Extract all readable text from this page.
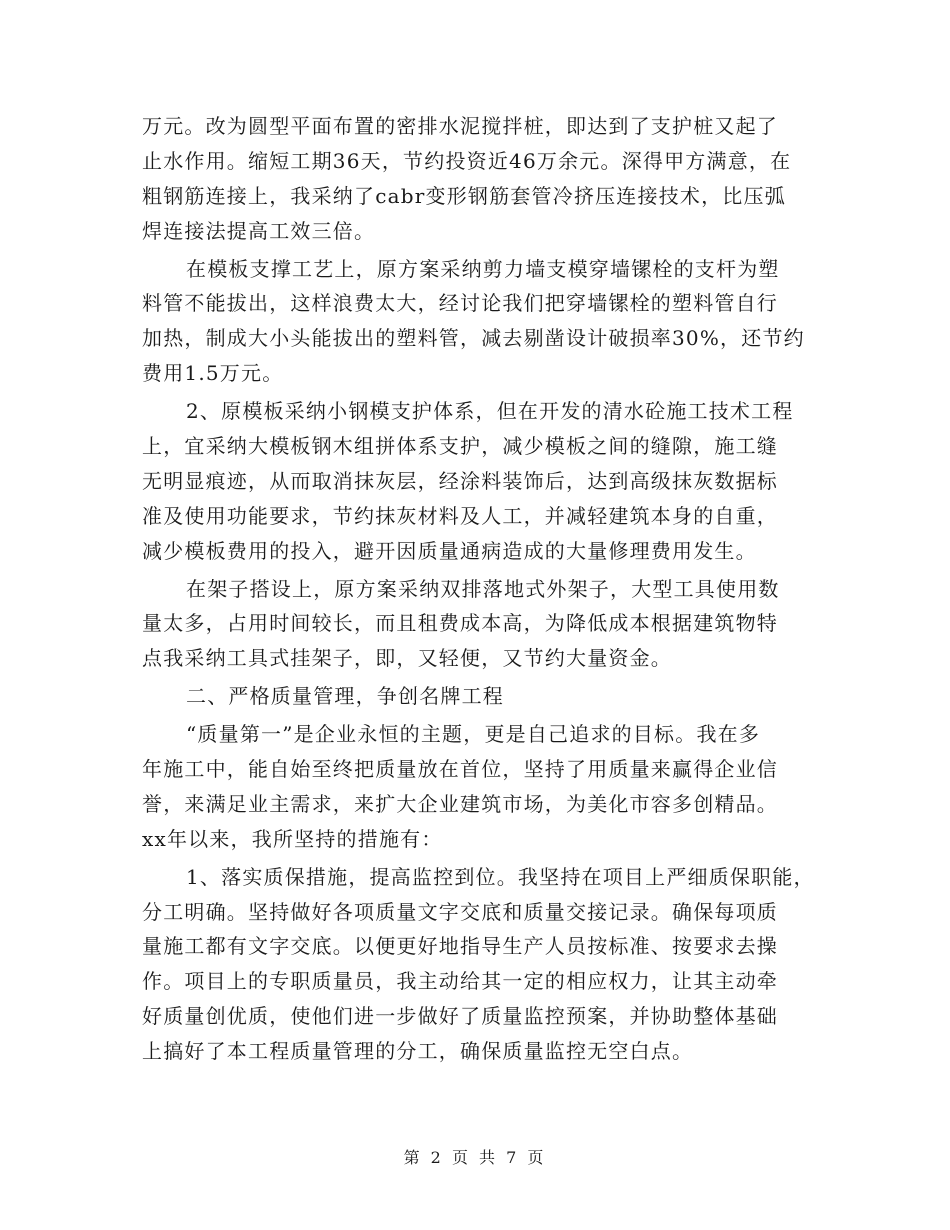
万元。改为圆型平面布置的密排水泥搅拌桩，即达到了支护桩又起了
止水作用。缩短工期36天，节约投资近46万余元。深得甲方满意，在
粗钢筋连接上，我采纳了cabr变形钢筋套管冷挤压连接技术，比压弧
焊连接法提高工效三倍。
在模板支撑工艺上，原方案采纳剪力墙支模穿墙镙栓的支杆为塑
料管不能拔出，这样浪费太大，经讨论我们把穿墙镙栓的塑料管自行
加热，制成大小头能拔出的塑料管，减去剔凿设计破损率30%，还节约
费用1.5万元。
2、原模板采纳小钢模支护体系，但在开发的清水砼施工技术工程
上，宜采纳大模板钢木组拼体系支护，减少模板之间的缝隙，施工缝
无明显痕迹，从而取消抹灰层，经涂料装饰后，达到高级抹灰数据标
准及使用功能要求，节约抹灰材料及人工，并减轻建筑本身的自重，
减少模板费用的投入，避开因质量通病造成的大量修理费用发生。
在架子搭设上，原方案采纳双排落地式外架子，大型工具使用数
量太多，占用时间较长，而且租费成本高，为降低成本根据建筑物特
点我采纳工具式挂架子，即，又轻便，又节约大量资金。
二、严格质量管理，争创名牌工程
“质量第一”是企业永恒的主题，更是自己追求的目标。我在多
年施工中，能自始至终把质量放在首位，坚持了用质量来赢得企业信
誉，来满足业主需求，来扩大企业建筑市场，为美化市容多创精品。
xx年以来，我所坚持的措施有：
1、落实质保措施，提高监控到位。我坚持在项目上严细质保职能，
分工明确。坚持做好各项质量文字交底和质量交接记录。确保每项质
量施工都有文字交底。以便更好地指导生产人员按标准、按要求去操
作。项目上的专职质量员，我主动给其一定的相应权力，让其主动牵
好质量创优质，使他们进一步做好了质量监控预案，并协助整体基础
上搞好了本工程质量管理的分工，确保质量监控无空白点。
第 2 页 共 7 页
